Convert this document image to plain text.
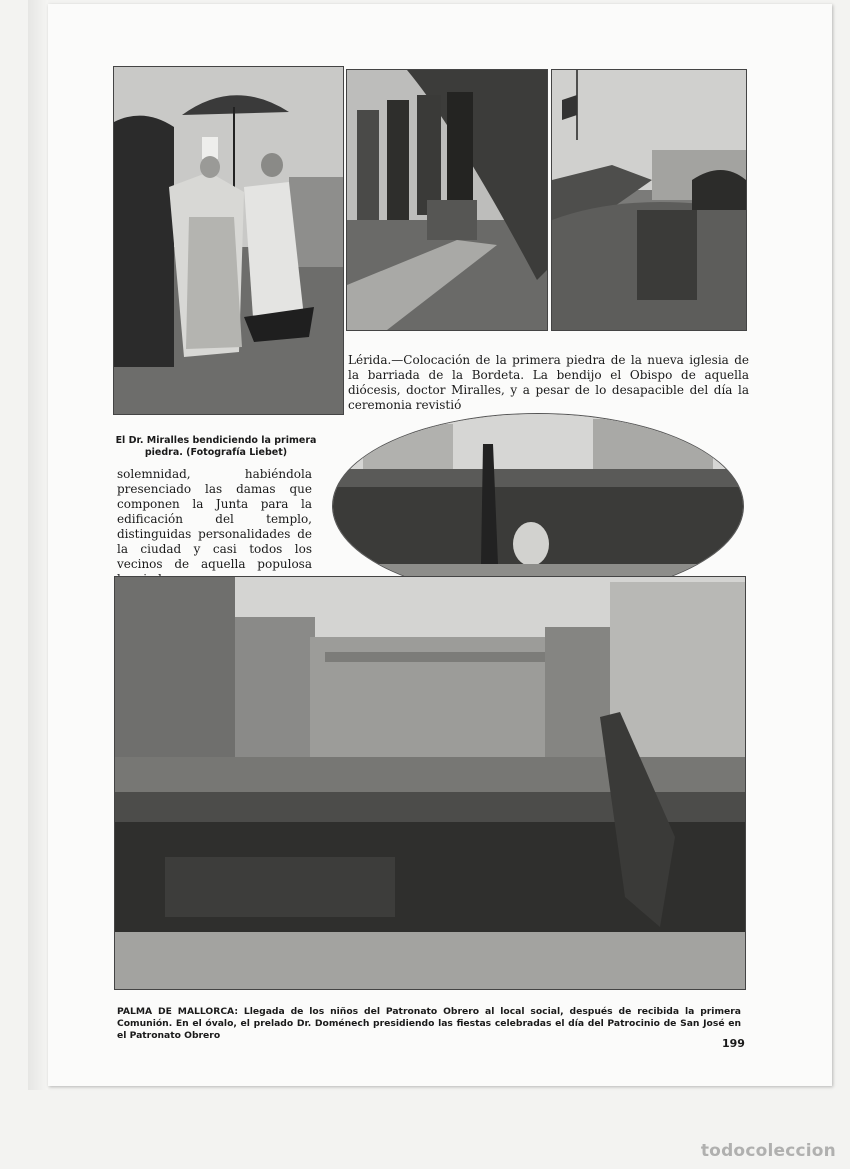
Lérida.—Colocación de la primera piedra de la nueva iglesia de la barriada de la Bordeta. La bendijo el Obispo de aquella diócesis, doctor Miralles, y a pesar de lo desapacible del día la ceremonia revistió
El Dr. Miralles bendiciendo la primera piedra. (Fotografía Liebet)
solemnidad, habiéndola presenciado las damas que componen la Junta para la edificación del templo, distinguidas personalidades de la ciudad y casi todos los vecinos de aquella populosa
PALMA DE MALLORCA: Llegada de los niños del Patronato Obrero al local social, después de recibida la primera Comunión. En el óvalo, el prelado Dr. Doménech presidiendo las fiestas celebradas el día del Patrocinio de San José en el Patronato Obrero
199
todocoleccion
